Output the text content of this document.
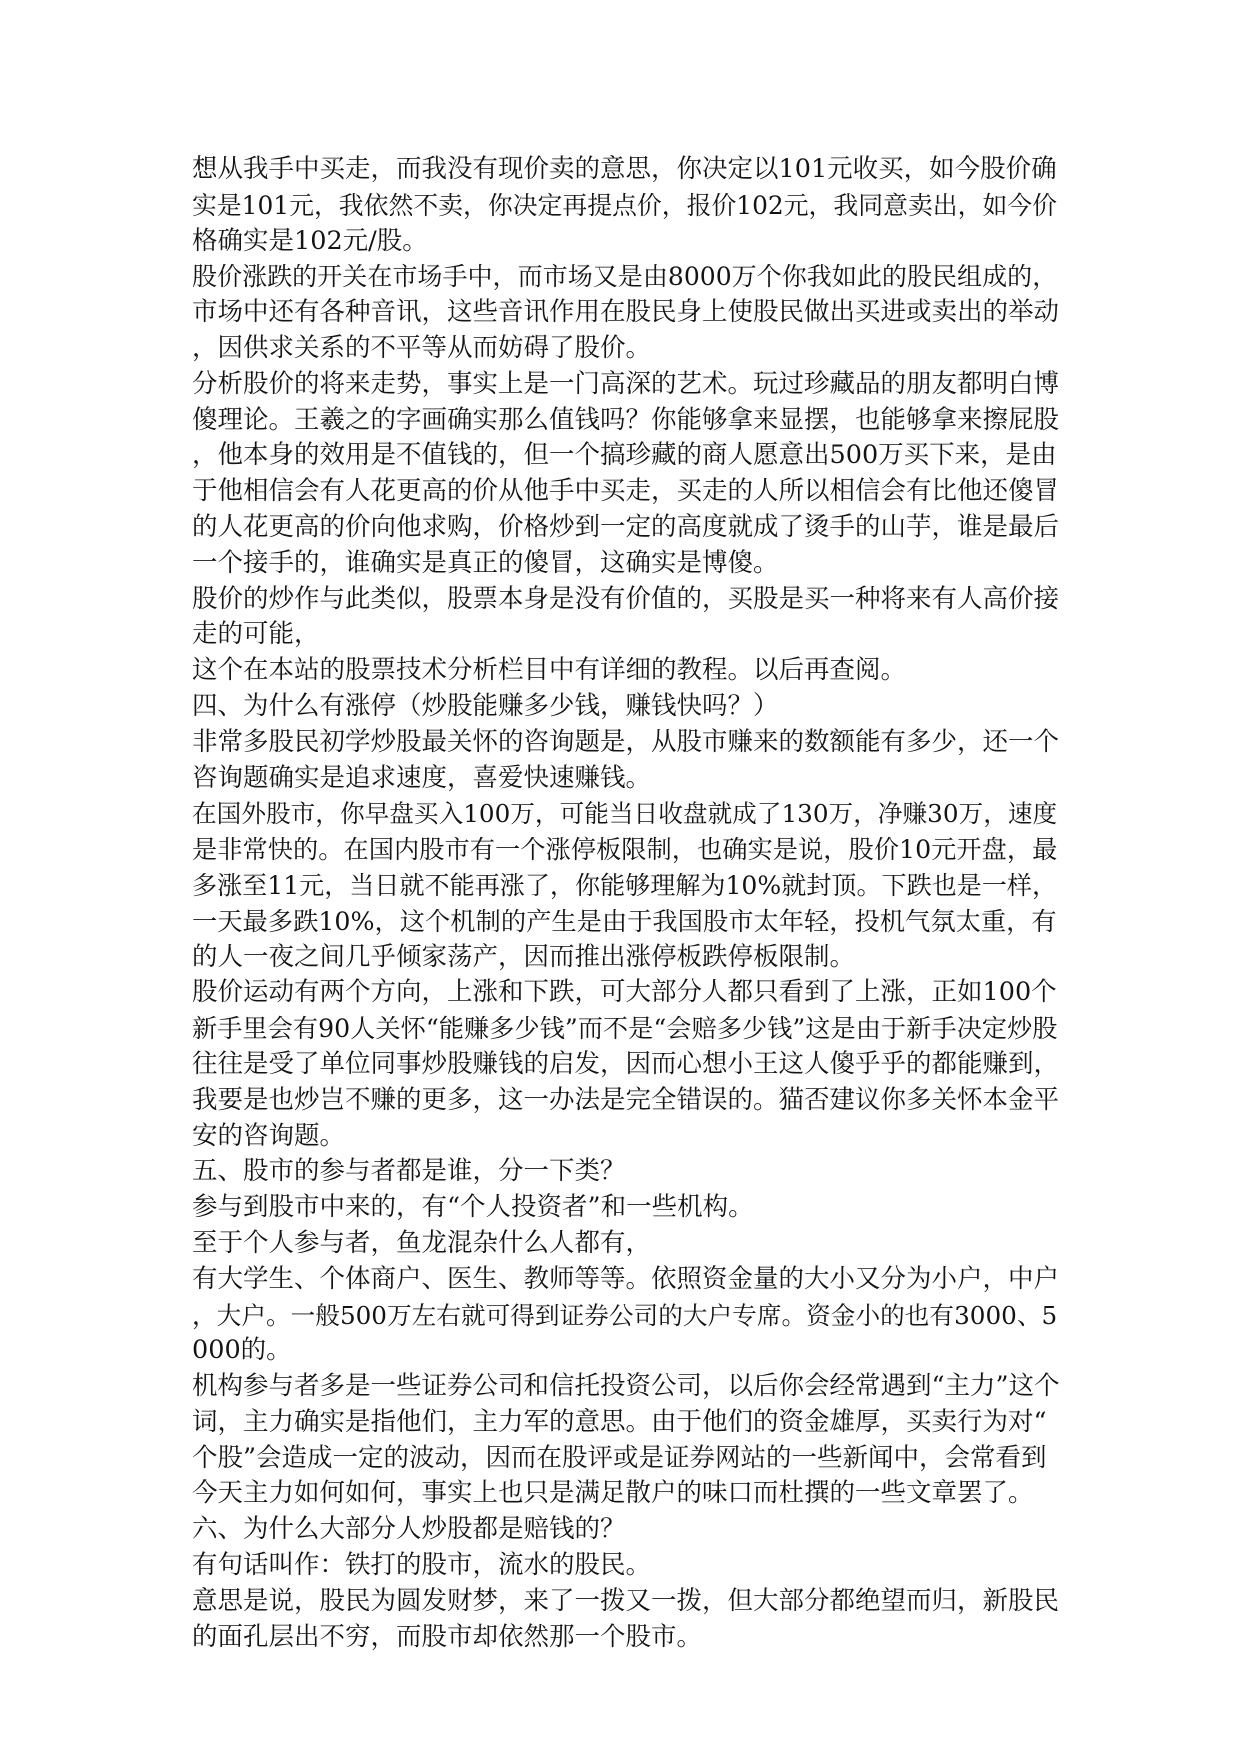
想从我手中买走，而我没有现价卖的意思，你决定以101元收买，如今股价确
实是101元，我依然不卖，你决定再提点价，报价102元，我同意卖出，如今价
格确实是102元/股。
股价涨跌的开关在市场手中，而市场又是由8000万个你我如此的股民组成的，
市场中还有各种音讯，这些音讯作用在股民身上使股民做出买进或卖出的举动
，因供求关系的不平等从而妨碍了股价。
分析股价的将来走势，事实上是一门高深的艺术。玩过珍藏品的朋友都明白博
傻理论。王羲之的字画确实那么值钱吗？你能够拿来显摆，也能够拿来擦屁股
，他本身的效用是不值钱的，但一个搞珍藏的商人愿意出500万买下来，是由
于他相信会有人花更高的价从他手中买走，买走的人所以相信会有比他还傻冒
的人花更高的价向他求购，价格炒到一定的高度就成了烫手的山芋，谁是最后
一个接手的，谁确实是真正的傻冒，这确实是博傻。
股价的炒作与此类似，股票本身是没有价值的，买股是买一种将来有人高价接
走的可能，
这个在本站的股票技术分析栏目中有详细的教程。以后再查阅。
四、为什么有涨停（炒股能赚多少钱，赚钱快吗？）
非常多股民初学炒股最关怀的咨询题是，从股市赚来的数额能有多少，还一个
咨询题确实是追求速度，喜爱快速赚钱。
在国外股市，你早盘买入100万，可能当日收盘就成了130万，净赚30万，速度
是非常快的。在国内股市有一个涨停板限制，也确实是说，股价10元开盘，最
多涨至11元，当日就不能再涨了，你能够理解为10%就封顶。下跌也是一样，
一天最多跌10%，这个机制的产生是由于我国股市太年轻，投机气氛太重，有
的人一夜之间几乎倾家荡产，因而推出涨停板跌停板限制。
股价运动有两个方向，上涨和下跌，可大部分人都只看到了上涨，正如100个
新手里会有90人关怀“能赚多少钱”而不是“会赔多少钱”这是由于新手决定炒股
往往是受了单位同事炒股赚钱的启发，因而心想小王这人傻乎乎的都能赚到，
我要是也炒岂不赚的更多，这一办法是完全错误的。猫否建议你多关怀本金平
安的咨询题。
五、股市的参与者都是谁，分一下类？
参与到股市中来的，有“个人投资者”和一些机构。
至于个人参与者，鱼龙混杂什么人都有，
有大学生、个体商户、医生、教师等等。依照资金量的大小又分为小户，中户
，大户。一般500万左右就可得到证券公司的大户专席。资金小的也有3000、5
000的。
机构参与者多是一些证券公司和信托投资公司，以后你会经常遇到“主力”这个
词，主力确实是指他们，主力军的意思。由于他们的资金雄厚，买卖行为对“
个股”会造成一定的波动，因而在股评或是证券网站的一些新闻中，会常看到
今天主力如何如何，事实上也只是满足散户的味口而杜撰的一些文章罢了。
六、为什么大部分人炒股都是赔钱的？
有句话叫作：铁打的股市，流水的股民。
意思是说，股民为圆发财梦，来了一拨又一拨，但大部分都绝望而归，新股民
的面孔层出不穷，而股市却依然那一个股市。
